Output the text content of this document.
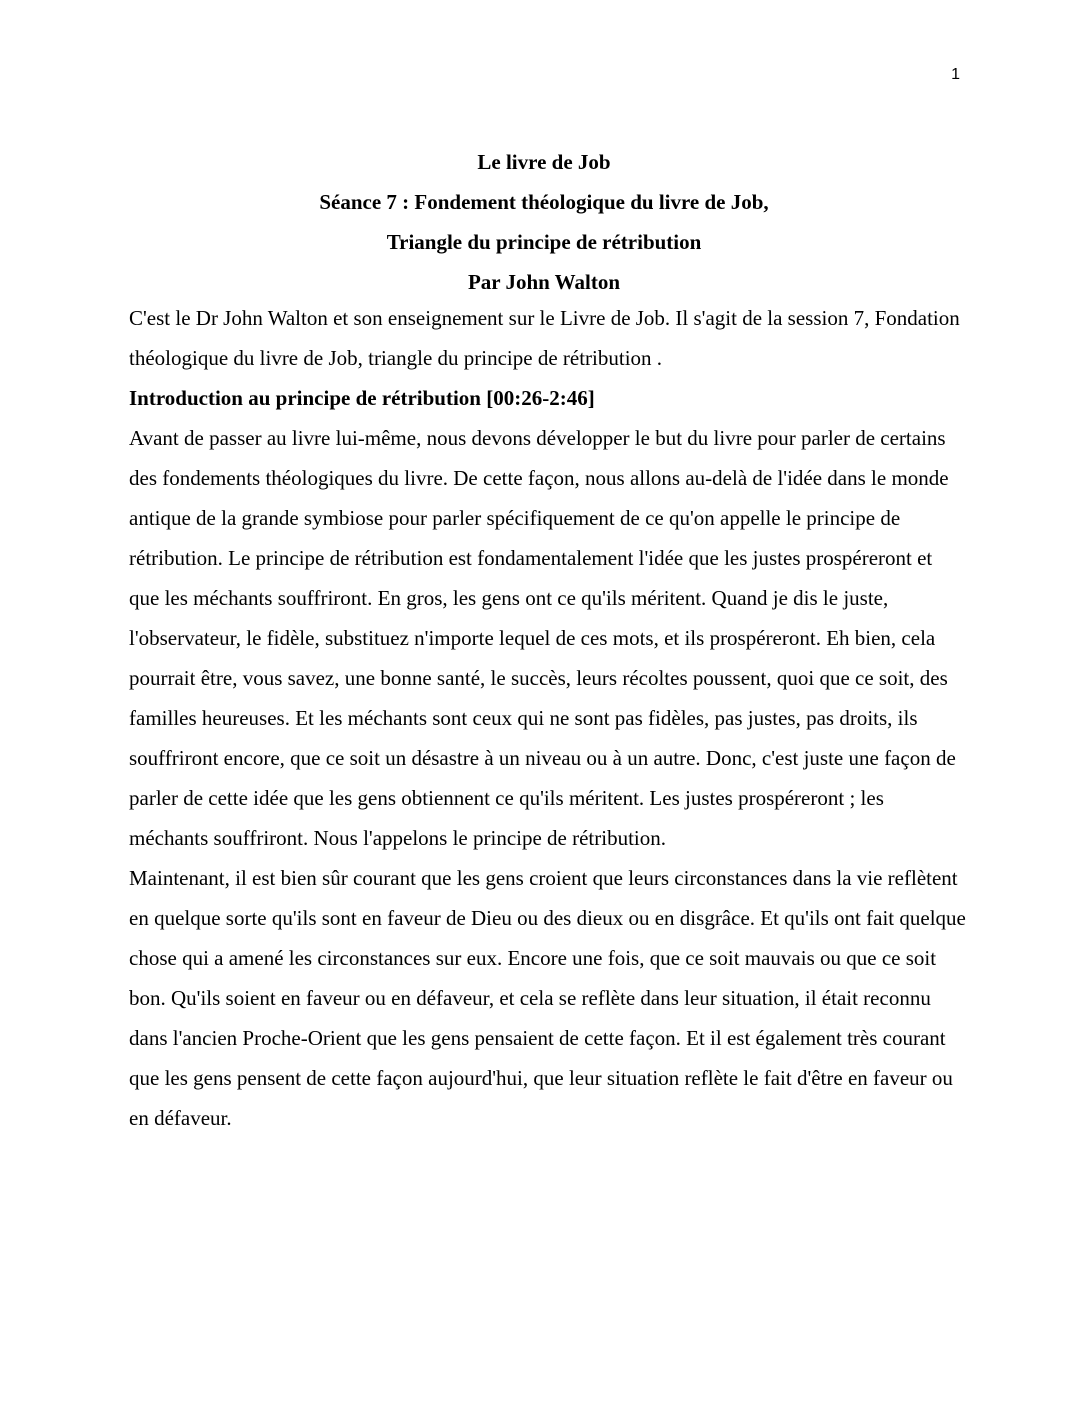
1
Le livre de Job
Séance 7 : Fondement théologique du livre de Job,
Triangle du principe de rétribution
Par John Walton

C'est le Dr John Walton et son enseignement sur le Livre de Job. Il s'agit de la session 7, Fondation théologique du livre de Job, triangle du principe de rétribution .

Introduction au principe de rétribution [00:26-2:46]

Avant de passer au livre lui-même, nous devons développer le but du livre pour parler de certains des fondements théologiques du livre. De cette façon, nous allons au-delà de l'idée dans le monde antique de la grande symbiose pour parler spécifiquement de ce qu'on appelle le principe de rétribution. Le principe de rétribution est fondamentalement l'idée que les justes prospéreront et que les méchants souffriront. En gros, les gens ont ce qu'ils méritent. Quand je dis le juste, l'observateur, le fidèle, substituez n'importe lequel de ces mots, et ils prospéreront. Eh bien, cela pourrait être, vous savez, une bonne santé, le succès, leurs récoltes poussent, quoi que ce soit, des familles heureuses. Et les méchants sont ceux qui ne sont pas fidèles, pas justes, pas droits, ils souffriront encore, que ce soit un désastre à un niveau ou à un autre. Donc, c'est juste une façon de parler de cette idée que les gens obtiennent ce qu'ils méritent. Les justes prospéreront ; les méchants souffriront. Nous l'appelons le principe de rétribution.

Maintenant, il est bien sûr courant que les gens croient que leurs circonstances dans la vie reflètent en quelque sorte qu'ils sont en faveur de Dieu ou des dieux ou en disgrâce. Et qu'ils ont fait quelque chose qui a amené les circonstances sur eux. Encore une fois, que ce soit mauvais ou que ce soit bon. Qu'ils soient en faveur ou en défaveur, et cela se reflète dans leur situation, il était reconnu dans l'ancien Proche-Orient que les gens pensaient de cette façon. Et il est également très courant que les gens pensent de cette façon aujourd'hui, que leur situation reflète le fait d'être en faveur ou en défaveur.
